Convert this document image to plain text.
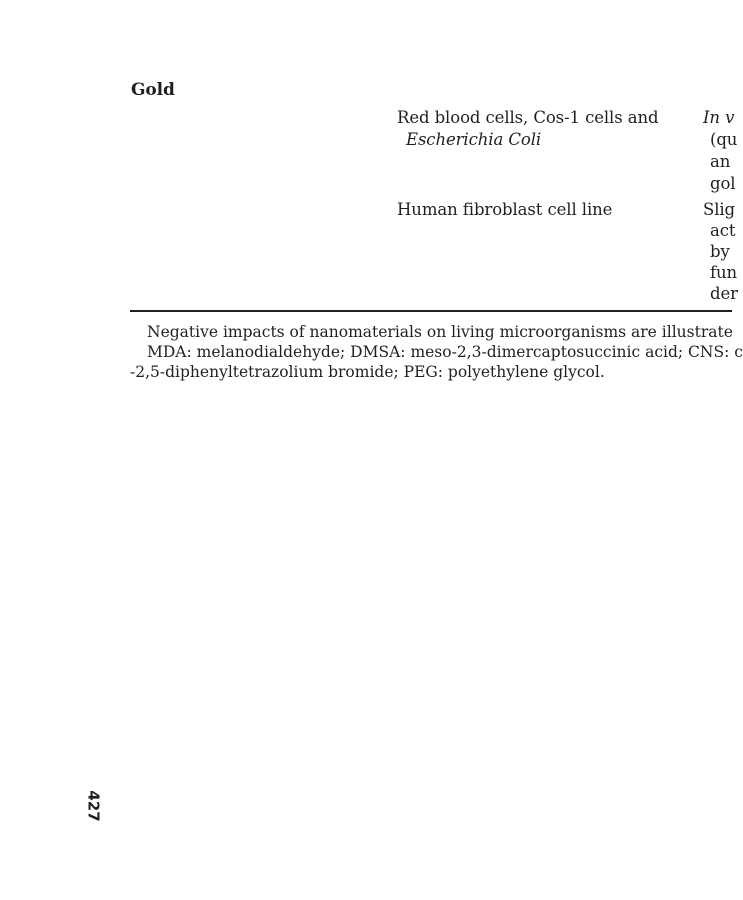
Gold
Red blood cells, Cos-1 cells and
Escherichia Coli
In v
(qu
an
gol
Human fibroblast cell line	Slig
act
by
fun
der
Negative impacts of nanomaterials on living microorganisms are illustrate
MDA: melanodialdehyde; DMSA: meso-2,3-dimercaptosuccinic acid; CNS: c
-2,5-diphenyltetrazolium bromide; PEG: polyethylene glycol.
427
